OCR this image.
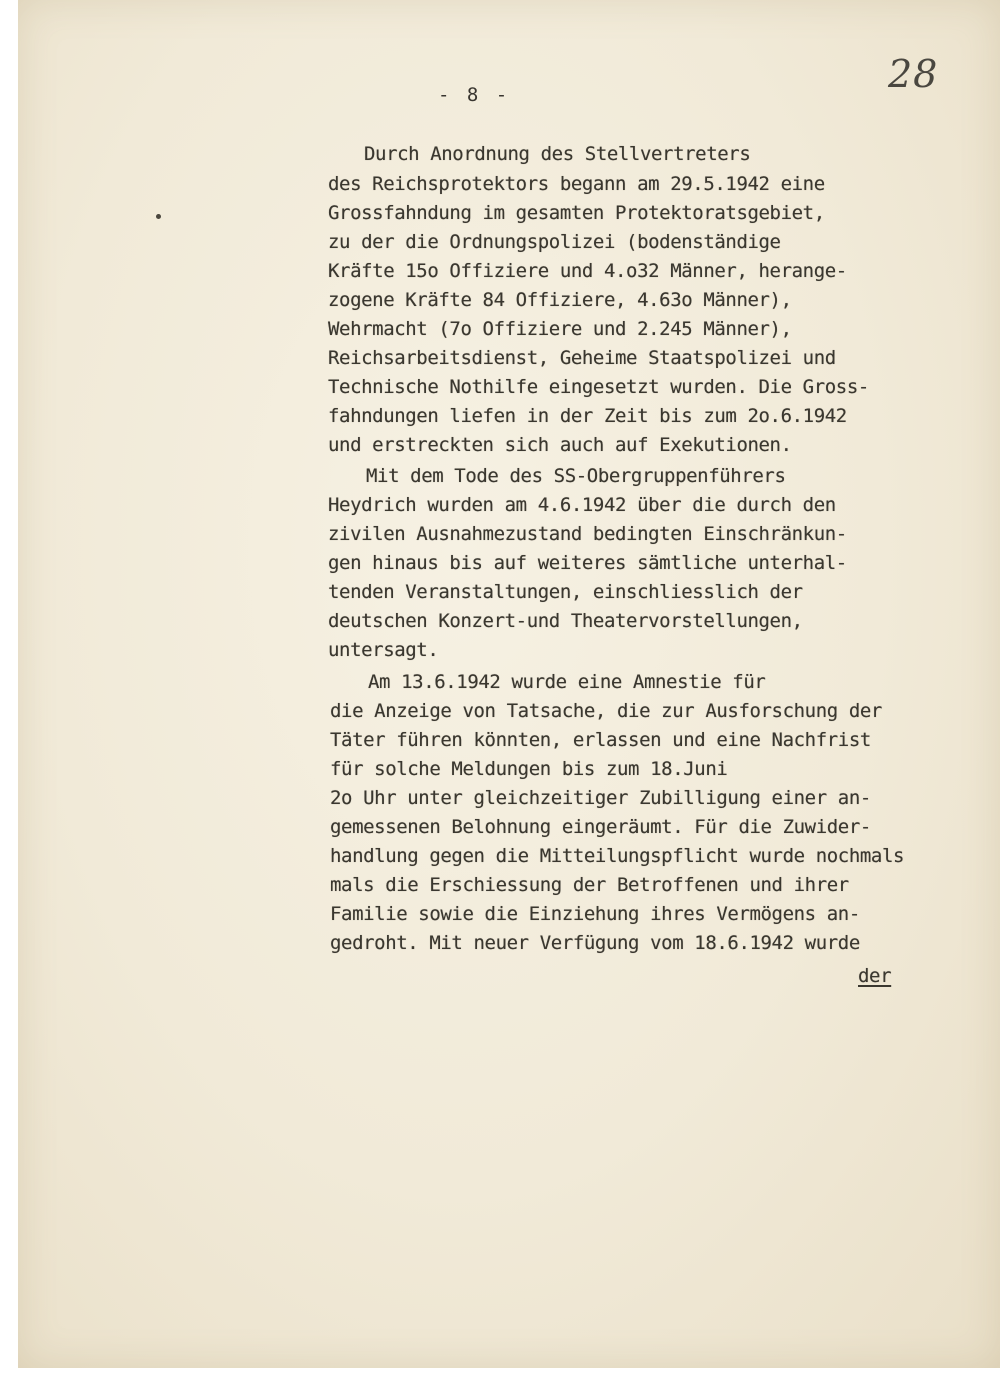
28
- 8 -
Durch Anordnung des Stellvertreters
des Reichsprotektors begann am 29.5.1942 eine
Grossfahndung im gesamten Protektoratsgebiet,
zu der die Ordnungspolizei (bodenständige
Kräfte 15o Offiziere und 4.o32 Männer, herange-
zogene Kräfte 84 Offiziere, 4.63o Männer),
Wehrmacht (7o Offiziere und 2.245 Männer),
Reichsarbeitsdienst, Geheime Staatspolizei und
Technische Nothilfe eingesetzt wurden. Die Gross-
fahndungen liefen in der Zeit bis zum 2o.6.1942
und erstreckten sich auch auf Exekutionen.
Mit dem Tode des SS-Obergruppenführers
Heydrich wurden am 4.6.1942 über die durch den
zivilen Ausnahmezustand bedingten Einschränkun-
gen hinaus bis auf weiteres sämtliche unterhal-
tenden Veranstaltungen, einschliesslich der
deutschen Konzert-und Theatervorstellungen,
untersagt.
Am 13.6.1942 wurde eine Amnestie für
die Anzeige von Tatsache, die zur Ausforschung der
Täter führen könnten, erlassen und eine Nachfrist
für solche Meldungen bis zum 18.Juni
2o Uhr unter gleichzeitiger Zubilligung einer an-
gemessenen Belohnung eingeräumt. Für die Zuwider-
handlung gegen die Mitteilungspflicht wurde nochmals
mals die Erschiessung der Betroffenen und ihrer
Familie sowie die Einziehung ihres Vermögens an-
gedroht. Mit neuer Verfügung vom 18.6.1942 wurde
der
